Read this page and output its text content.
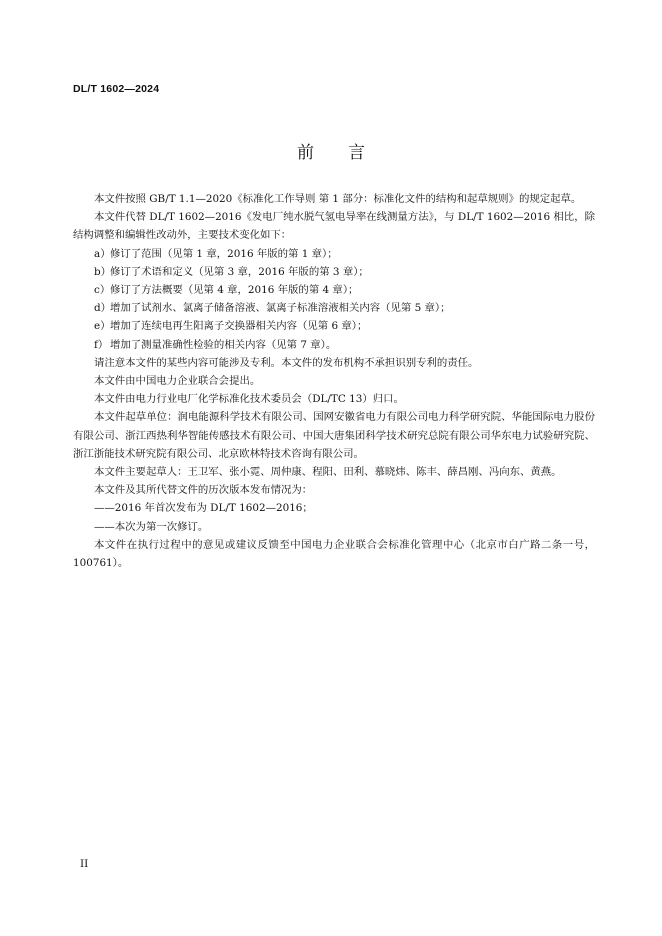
DL/T 1602—2024
前言

本文件按照 GB/T 1.1—2020《标准化工作导则 第 1 部分：标准化文件的结构和起草规则》的规定起草。

本文件代替 DL/T 1602—2016《发电厂纯水脱气氢电导率在线测量方法》，与 DL/T 1602—2016 相比，除结构调整和编辑性改动外，主要技术变化如下：

a）修订了范围（见第 1 章，2016 年版的第 1 章）；

b）修订了术语和定义（见第 3 章，2016 年版的第 3 章）；

c）修订了方法概要（见第 4 章，2016 年版的第 4 章）；

d）增加了试剂水、氯离子储备溶液、氯离子标准溶液相关内容（见第 5 章）；

e）增加了连续电再生阳离子交换器相关内容（见第 6 章）；

f） 增加了测量准确性检验的相关内容（见第 7 章）。

请注意本文件的某些内容可能涉及专利。本文件的发布机构不承担识别专利的责任。

本文件由中国电力企业联合会提出。

本文件由电力行业电厂化学标准化技术委员会（DL/TC 13）归口。

本文件起草单位：润电能源科学技术有限公司、国网安徽省电力有限公司电力科学研究院、华能国际电力股份有限公司、浙江西热利华智能传感技术有限公司、中国大唐集团科学技术研究总院有限公司华东电力试验研究院、浙江浙能技术研究院有限公司、北京欧林特技术咨询有限公司。

本文件主要起草人：王卫军、张小霓、周仲康、程阳、田利、慕晓炜、陈丰、薛昌刚、冯向东、黄燕。

本文件及其所代替文件的历次版本发布情况为：

——2016 年首次发布为 DL/T 1602—2016；

——本次为第一次修订。

本文件在执行过程中的意见或建议反馈至中国电力企业联合会标准化管理中心（北京市白广路二条一号，100761）。

II
